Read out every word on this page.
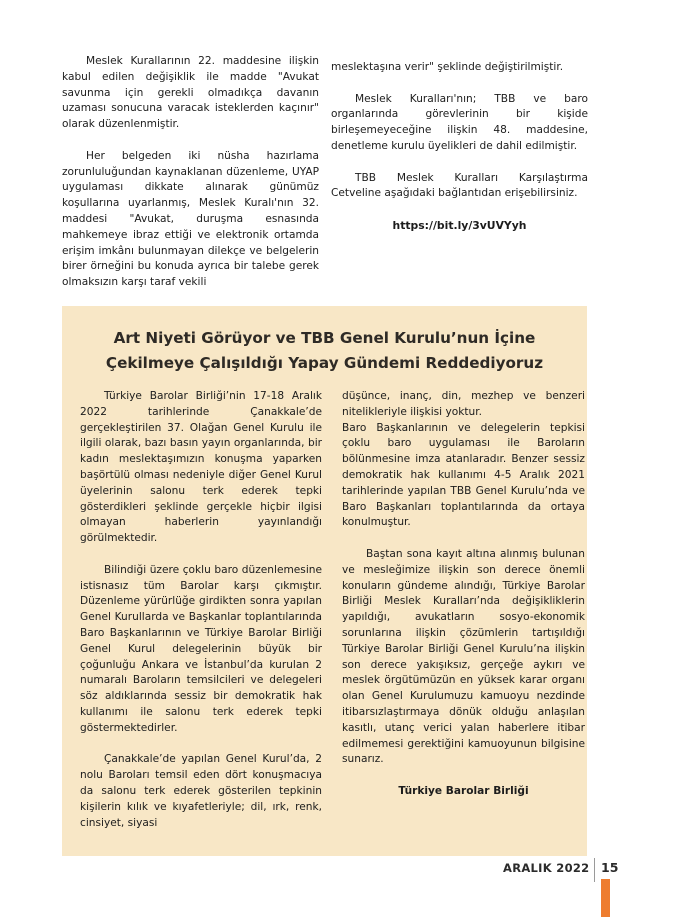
Meslek Kurallarının 22. maddesine ilişkin kabul edilen değişiklik ile madde "Avukat savunma için gerekli olmadıkça davanın uzaması sonucuna varacak isteklerden kaçınır" olarak düzenlenmiştir.

Her belgeden iki nüsha hazırlama zorunluluğundan kaynaklanan düzenleme, UYAP uygulaması dikkate alınarak günümüz koşullarına uyarlanmış, Meslek Kuralı'nın 32. maddesi "Avukat, duruşma esnasında mahkemeye ibraz ettiği ve elektronik ortamda erişim imkânı bulunmayan dilekçe ve belgelerin birer örneğini bu konuda ayrıca bir talebe gerek olmaksızın karşı taraf vekili

meslektaşına verir" şeklinde değiştirilmiştir.

Meslek Kuralları'nın; TBB ve baro organlarında görevlerinin bir kişide birleşemeyeceğine ilişkin 48. maddesine, denetleme kurulu üyelikleri de dahil edilmiştir.

TBB Meslek Kuralları Karşılaştırma Cetveline aşağıdaki bağlantıdan erişebilirsiniz.

https://bit.ly/3vUVYyh

Art Niyeti Görüyor ve TBB Genel Kurulu’nun İçine
Çekilmeye Çalışıldığı Yapay Gündemi Reddediyoruz

Türkiye Barolar Birliği’nin 17-18 Aralık 2022 tarihlerinde Çanakkale’de gerçekleştirilen 37. Olağan Genel Kurulu ile ilgili olarak, bazı basın yayın organlarında, bir kadın meslektaşımızın konuşma yaparken başörtülü olması nedeniyle diğer Genel Kurul üyelerinin salonu terk ederek tepki gösterdikleri şeklinde gerçekle hiçbir ilgisi olmayan haberlerin yayınlandığı görülmektedir.

Bilindiği üzere çoklu baro düzenlemesine istisnasız tüm Barolar karşı çıkmıştır. Düzenleme yürürlüğe girdikten sonra yapılan Genel Kurullarda ve Başkanlar toplantılarında Baro Başkanlarının ve Türkiye Barolar Birliği Genel Kurul delegelerinin büyük bir çoğunluğu Ankara ve İstanbul’da kurulan 2 numaralı Baroların temsilcileri ve delegeleri söz aldıklarında sessiz bir demokratik hak kullanımı ile salonu terk ederek tepki göstermektedirler.

Çanakkale’de yapılan Genel Kurul’da, 2 nolu Baroları temsil eden dört konuşmacıya da salonu terk ederek gösterilen tepkinin kişilerin kılık ve kıyafetleriyle; dil, ırk, renk, cinsiyet, siyasi

düşünce, inanç, din, mezhep ve benzeri nitelikleriyle ilişkisi yoktur.

Baro Başkanlarının ve delegelerin tepkisi çoklu baro uygulaması ile Baroların bölünmesine imza atanlaradır. Benzer sessiz demokratik hak kullanımı 4-5 Aralık 2021 tarihlerinde yapılan TBB Genel Kurulu’nda ve Baro Başkanları toplantılarında da ortaya konulmuştur.

Baştan sona kayıt altına alınmış bulunan ve mesleğimize ilişkin son derece önemli konuların gündeme alındığı, Türkiye Barolar Birliği Meslek Kuralları’nda değişikliklerin yapıldığı, avukatların sosyo-ekonomik sorunlarına ilişkin çözümlerin tartışıldığı Türkiye Barolar Birliği Genel Kurulu’na ilişkin son derece yakışıksız, gerçeğe aykırı ve meslek örgütümüzün en yüksek karar organı olan Genel Kurulumuzu kamuoyu nezdinde itibarsızlaştırmaya dönük olduğu anlaşılan kasıtlı, utanç verici yalan haberlere itibar edilmemesi gerektiğini kamuoyunun bilgisine sunarız.

Türkiye Barolar Birliği

ARALIK 2022 15
